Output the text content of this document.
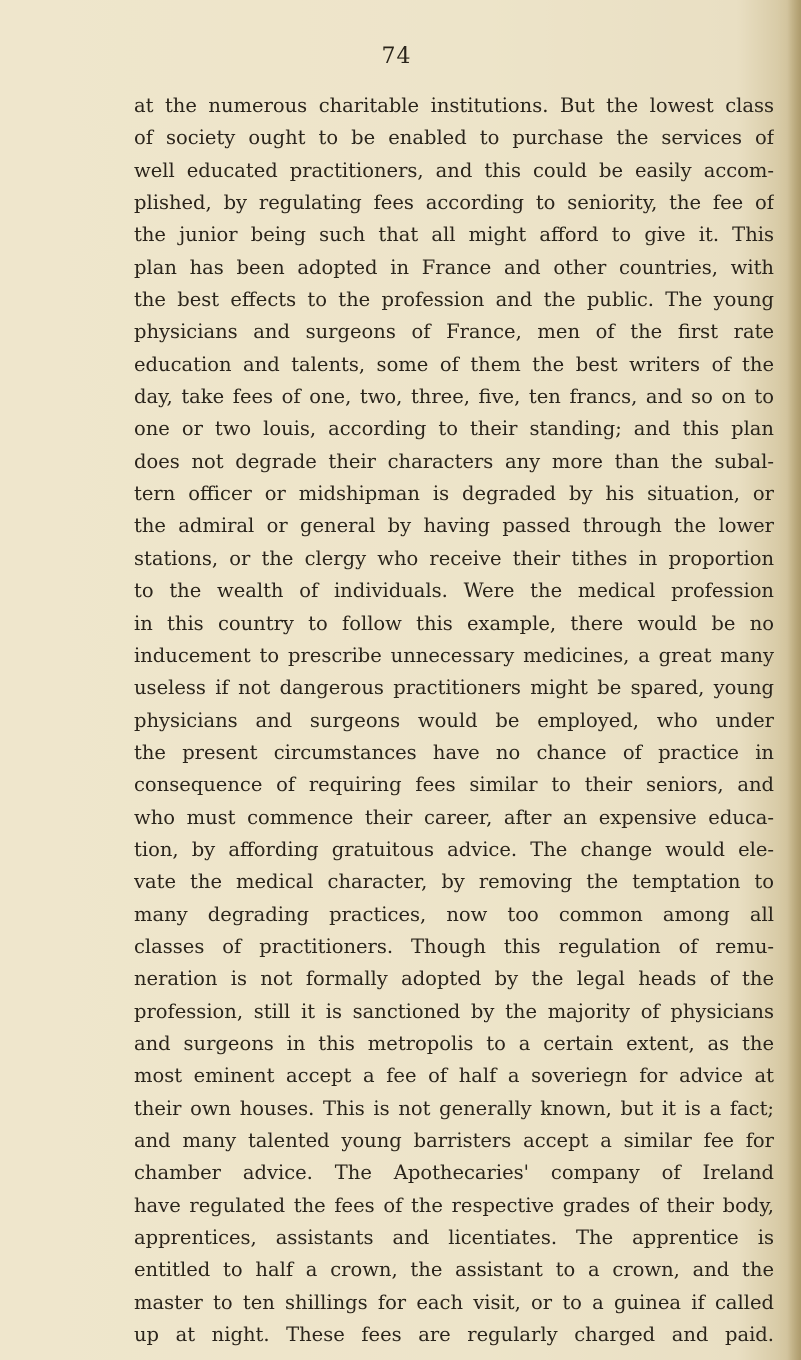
74
at the numerous charitable institutions. But the lowest class
of society ought to be enabled to purchase the services of
well educated practitioners, and this could be easily accom-
plished, by regulating fees according to seniority, the fee of
the junior being such that all might afford to give it. This
plan has been adopted in France and other countries, with
the best effects to the profession and the public. The young
physicians and surgeons of France, men of the first rate
education and talents, some of them the best writers of the
day, take fees of one, two, three, five, ten francs, and so on to
one or two louis, according to their standing; and this plan
does not degrade their characters any more than the subal-
tern officer or midshipman is degraded by his situation, or
the admiral or general by having passed through the lower
stations, or the clergy who receive their tithes in proportion
to the wealth of individuals. Were the medical profession
in this country to follow this example, there would be no
inducement to prescribe unnecessary medicines, a great many
useless if not dangerous practitioners might be spared, young
physicians and surgeons would be employed, who under
the present circumstances have no chance of practice in
consequence of requiring fees similar to their seniors, and
who must commence their career, after an expensive educa-
tion, by affording gratuitous advice. The change would ele-
vate the medical character, by removing the temptation to
many degrading practices, now too common among all
classes of practitioners. Though this regulation of remu-
neration is not formally adopted by the legal heads of the
profession, still it is sanctioned by the majority of physicians
and surgeons in this metropolis to a certain extent, as the
most eminent accept a fee of half a soveriegn for advice at
their own houses. This is not generally known, but it is a fact;
and many talented young barristers accept a similar fee for
chamber advice. The Apothecaries' company of Ireland
have regulated the fees of the respective grades of their body,
apprentices, assistants and licentiates. The apprentice is
entitled to half a crown, the assistant to a crown, and the
master to ten shillings for each visit, or to a guinea if called
up at night. These fees are regularly charged and paid.
